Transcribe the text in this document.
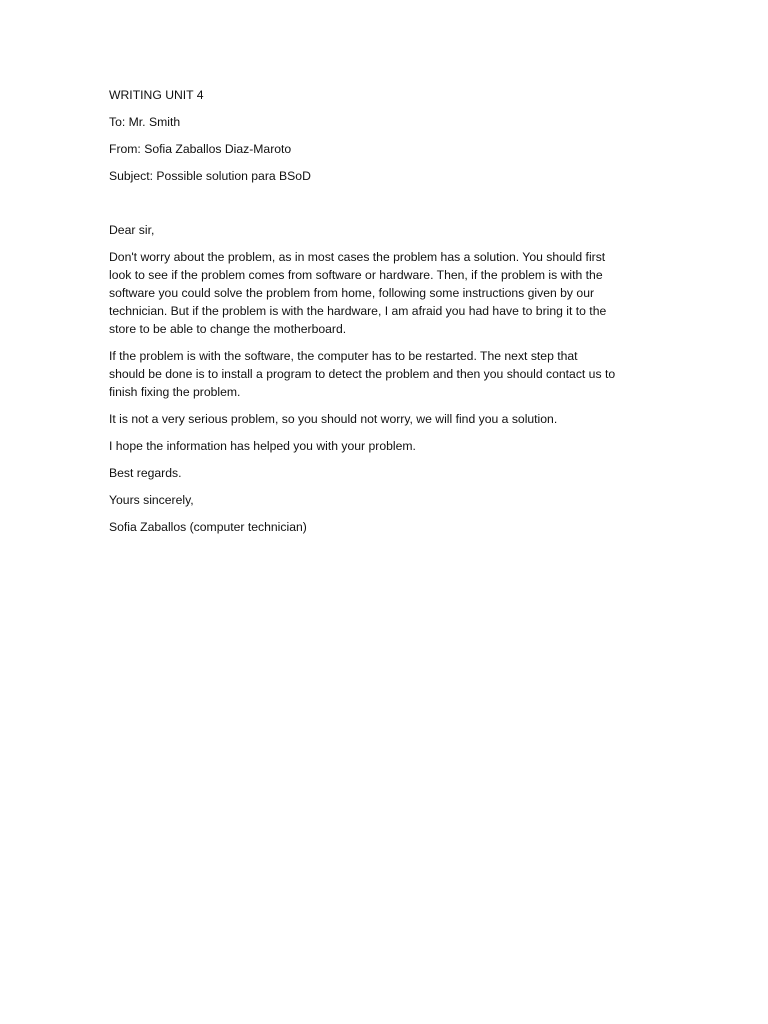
WRITING UNIT 4

To: Mr. Smith

From: Sofia Zaballos Diaz-Maroto

Subject: Possible solution para BSoD

Dear sir,

Don't worry about the problem, as in most cases the problem has a solution. You should first
look to see if the problem comes from software or hardware. Then, if the problem is with the
software you could solve the problem from home, following some instructions given by our
technician. But if the problem is with the hardware, I am afraid you had have to bring it to the
store to be able to change the motherboard.

If the problem is with the software, the computer has to be restarted. The next step that
should be done is to install a program to detect the problem and then you should contact us to
finish fixing the problem.

It is not a very serious problem, so you should not worry, we will find you a solution.

I hope the information has helped you with your problem.

Best regards.

Yours sincerely,

Sofia Zaballos (computer technician)
